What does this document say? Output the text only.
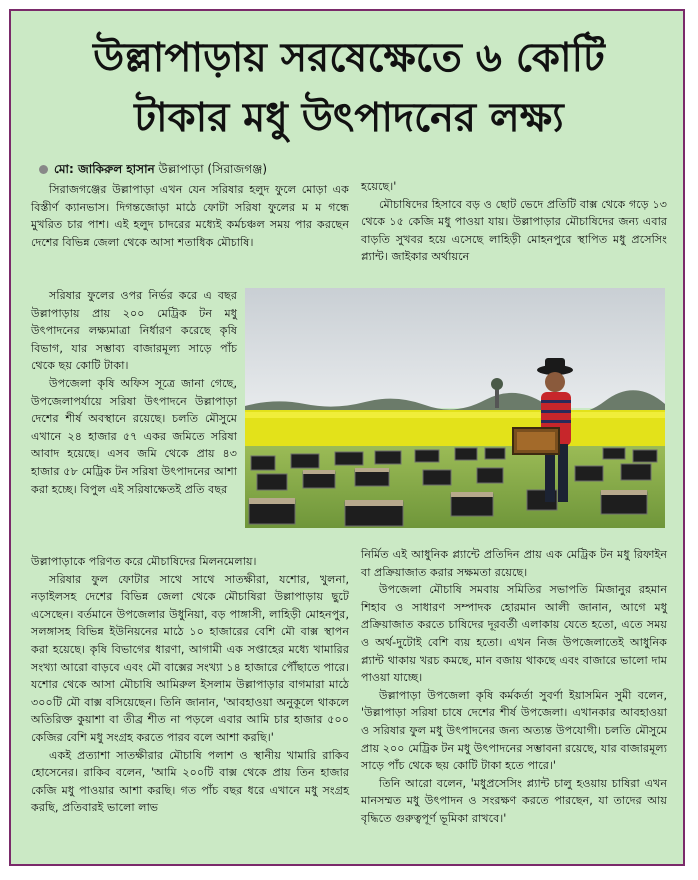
উল্লাপাড়ায় সরষেক্ষেতে ৬ কোটি
টাকার মধু উৎপাদনের লক্ষ্য
মো: জাকিরুল হাসান উল্লাপাড়া (সিরাজগঞ্জ)

সিরাজগঞ্জের উল্লাপাড়া এখন যেন সরিষার হলুদ ফুলে মোড়া এক বিস্তীর্ণ ক্যানভাস। দিগন্তজোড়া মাঠে ফোটা সরিষা ফুলের ম ম গন্ধে মুখরিত চার পাশ। এই হলুদ চাদরের মধ্যেই কর্মচঞ্চল সময় পার করছেন দেশের বিভিন্ন জেলা থেকে আসা শতাধিক মৌচাষি।

সরিষার ফুলের ওপর নির্ভর করে এ বছর উল্লাপাড়ায় প্রায় ২০০ মেট্রিক টন মধু উৎপাদনের লক্ষ্যমাত্রা নির্ধারণ করেছে কৃষি বিভাগ, যার সম্ভাব্য বাজারমূল্য সাড়ে পাঁচ থেকে ছয় কোটি টাকা।

উপজেলা কৃষি অফিস সূত্রে জানা গেছে, উপজেলাপর্যায়ে সরিষা উৎপাদনে উল্লাপাড়া দেশের শীর্ষ অবস্থানে রয়েছে। চলতি মৌসুমে এখানে ২৪ হাজার ৫৭ একর জমিতে সরিষা আবাদ হয়েছে। এসব জমি থেকে প্রায় ৪৩ হাজার ৫৮ মেট্রিক টন সরিষা উৎপাদনের আশা করা হচ্ছে। বিপুল এই সরিষাক্ষেতই প্রতি বছর

উল্লাপাড়াকে পরিণত করে মৌচাষিদের মিলনমেলায়।

সরিষার ফুল ফোটার সাথে সাথে সাতক্ষীরা, যশোর, খুলনা, নড়াইলসহ দেশের বিভিন্ন জেলা থেকে মৌচাষিরা উল্লাপাড়ায় ছুটে এসেছেন। বর্তমানে উপজেলার উধুনিয়া, বড় পাঙ্গাসী, লাহিড়ী মোহনপুর, সলঙ্গাসহ বিভিন্ন ইউনিয়নের মাঠে ১০ হাজারের বেশি মৌ বাক্স স্থাপন করা হয়েছে। কৃষি বিভাগের ধারণা, আগামী এক সপ্তাহের মধ্যে খামারির সংখ্যা আরো বাড়বে এবং মৌ বাক্সের সংখ্যা ১৪ হাজারে পৌঁছাতে পারে। যশোর থেকে আসা মৌচাষি আমিরুল ইসলাম উল্লাপাড়ার বাগমারা মাঠে ৩০০টি মৌ বাক্স বসিয়েছেন। তিনি জানান, 'আবহাওয়া অনুকূলে থাকলে অতিরিক্ত কুয়াশা বা তীব্র শীত না পড়লে এবার আমি চার হাজার ৫০০ কেজির বেশি মধু সংগ্রহ করতে পারব বলে আশা করছি।'

একই প্রত্যাশা সাতক্ষীরার মৌচাষি পলাশ ও স্থানীয় খামারি রাকিব হোসেনের। রাকিব বলেন, 'আমি ২০০টি বাক্স থেকে প্রায় তিন হাজার কেজি মধু পাওয়ার আশা করছি। গত পাঁচ বছর ধরে এখানে মধু সংগ্রহ করছি, প্রতিবারই ভালো লাভ

হয়েছে।'

মৌচাষিদের হিসাবে বড় ও ছোট ভেদে প্রতিটি বাক্স থেকে গড়ে ১৩ থেকে ১৫ কেজি মধু পাওয়া যায়। উল্লাপাড়ার মৌচাষিদের জন্য এবার বাড়তি সুখবর হয়ে এসেছে লাহিড়ী মোহনপুরে স্থাপিত মধু প্রসেসিং প্ল্যান্ট। জাইকার অর্থায়নে

নির্মিত এই আধুনিক প্ল্যান্টে প্রতিদিন প্রায় এক মেট্রিক টন মধু রিফাইন বা প্রক্রিয়াজাত করার সক্ষমতা রয়েছে।

উপজেলা মৌচাষি সমবায় সমিতির সভাপতি মিজানুর রহমান শিহাব ও সাধারণ সম্পাদক হোরমান আলী জানান, আগে মধু প্রক্রিয়াজাত করতে চাষিদের দূরবর্তী এলাকায় যেতে হতো, এতে সময় ও অর্থ-দুটোই বেশি ব্যয় হতো। এখন নিজ উপজেলাতেই আধুনিক প্ল্যান্ট থাকায় খরচ কমছে, মান বজায় থাকছে এবং বাজারে ভালো দাম পাওয়া যাচ্ছে।

উল্লাপাড়া উপজেলা কৃষি কর্মকর্তা সুবর্ণা ইয়াসমিন সুমী বলেন, 'উল্লাপাড়া সরিষা চাষে দেশের শীর্ষ উপজেলা। এখানকার আবহাওয়া ও সরিষার ফুল মধু উৎপাদনের জন্য অত্যন্ত উপযোগী। চলতি মৌসুমে প্রায় ২০০ মেট্রিক টন মধু উৎপাদনের সম্ভাবনা রয়েছে, যার বাজারমূল্য সাড়ে পাঁচ থেকে ছয় কোটি টাকা হতে পারে।'

তিনি আরো বলেন, 'মধুপ্রসেসিং প্ল্যান্ট চালু হওয়ায় চাষিরা এখন মানসম্মত মধু উৎপাদন ও সংরক্ষণ করতে পারছেন, যা তাদের আয় বৃদ্ধিতে গুরুত্বপূর্ণ ভূমিকা রাখবে।'
